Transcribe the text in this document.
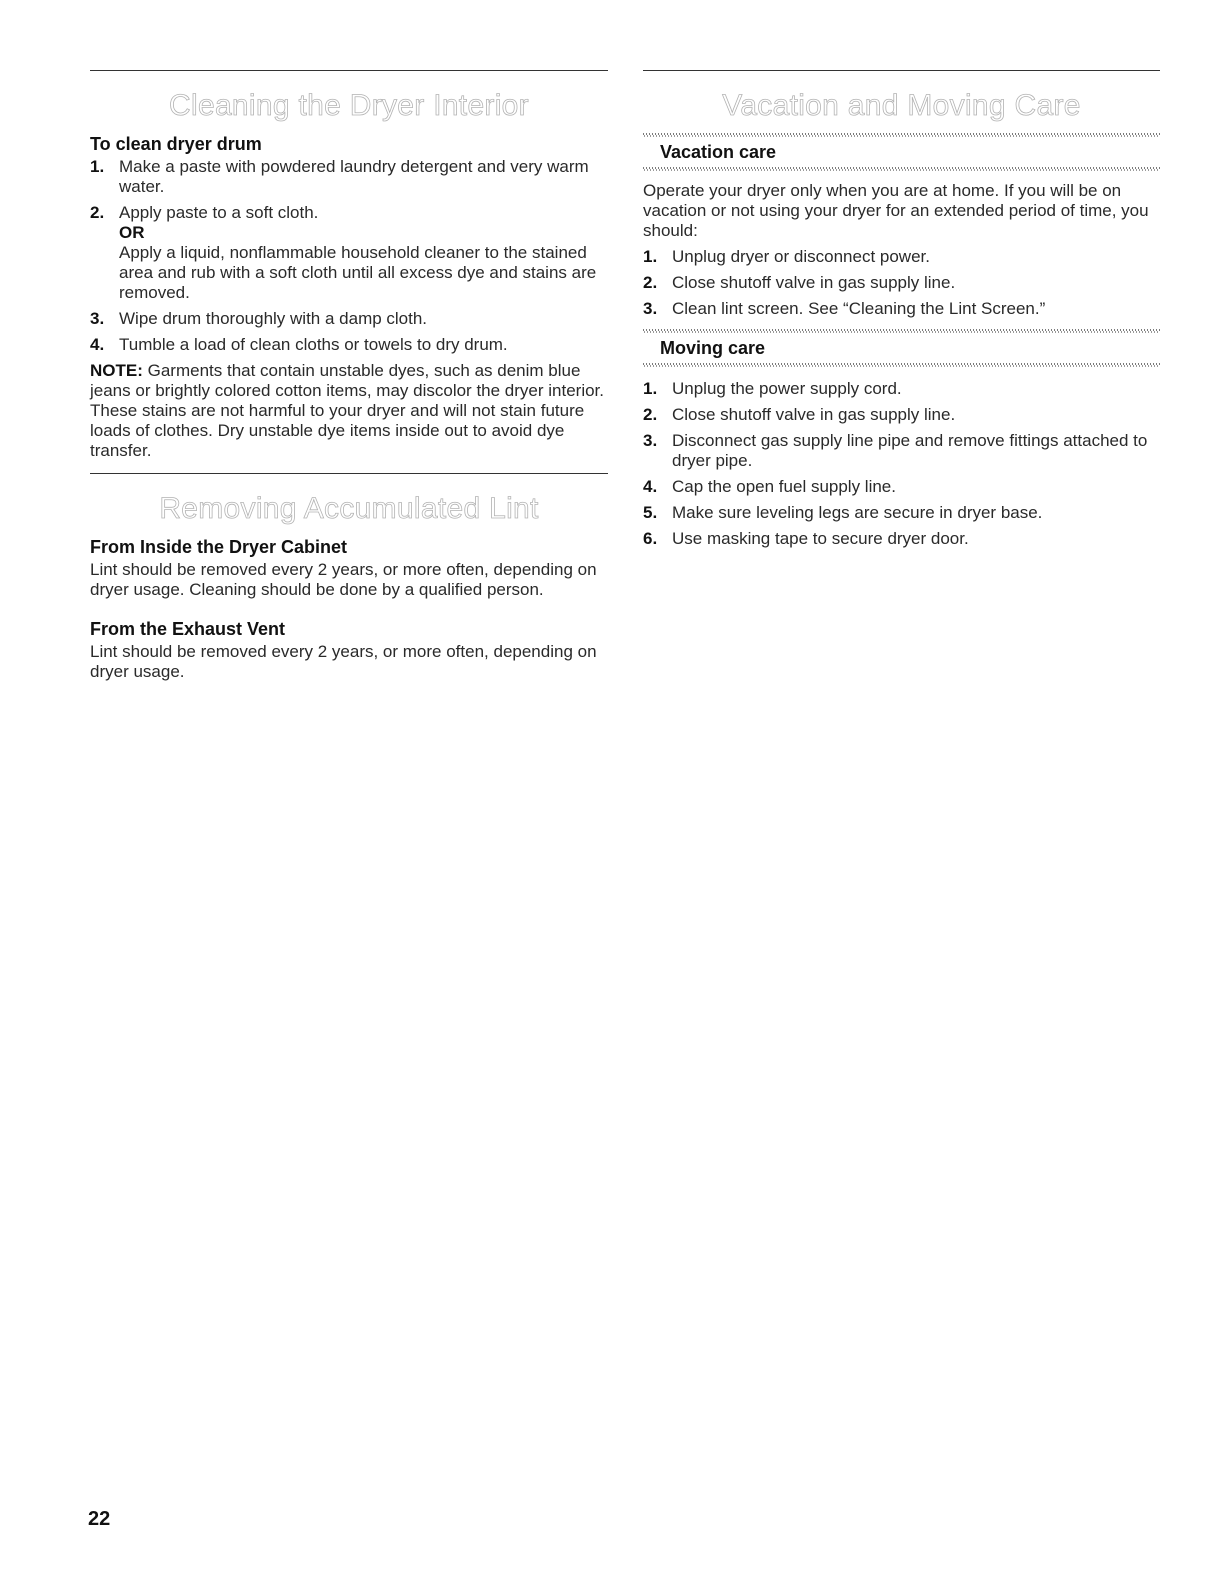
Cleaning the Dryer Interior
To clean dryer drum
1. Make a paste with powdered laundry detergent and very warm water.
2. Apply paste to a soft cloth.
OR
Apply a liquid, nonflammable household cleaner to the stained area and rub with a soft cloth until all excess dye and stains are removed.
3. Wipe drum thoroughly with a damp cloth.
4. Tumble a load of clean cloths or towels to dry drum.

NOTE: Garments that contain unstable dyes, such as denim blue jeans or brightly colored cotton items, may discolor the dryer interior. These stains are not harmful to your dryer and will not stain future loads of clothes. Dry unstable dye items inside out to avoid dye transfer.

Removing Accumulated Lint
From Inside the Dryer Cabinet

Lint should be removed every 2 years, or more often, depending on dryer usage. Cleaning should be done by a qualified person.

From the Exhaust Vent

Lint should be removed every 2 years, or more often, depending on dryer usage.

Vacation and Moving Care
Vacation care

Operate your dryer only when you are at home. If you will be on vacation or not using your dryer for an extended period of time, you should:

1. Unplug dryer or disconnect power.
2. Close shutoff valve in gas supply line.
3. Clean lint screen. See “Cleaning the Lint Screen.”
Moving care
1. Unplug the power supply cord.
2. Close shutoff valve in gas supply line.
3. Disconnect gas supply line pipe and remove fittings attached to dryer pipe.
4. Cap the open fuel supply line.
5. Make sure leveling legs are secure in dryer base.
6. Use masking tape to secure dryer door.
22
